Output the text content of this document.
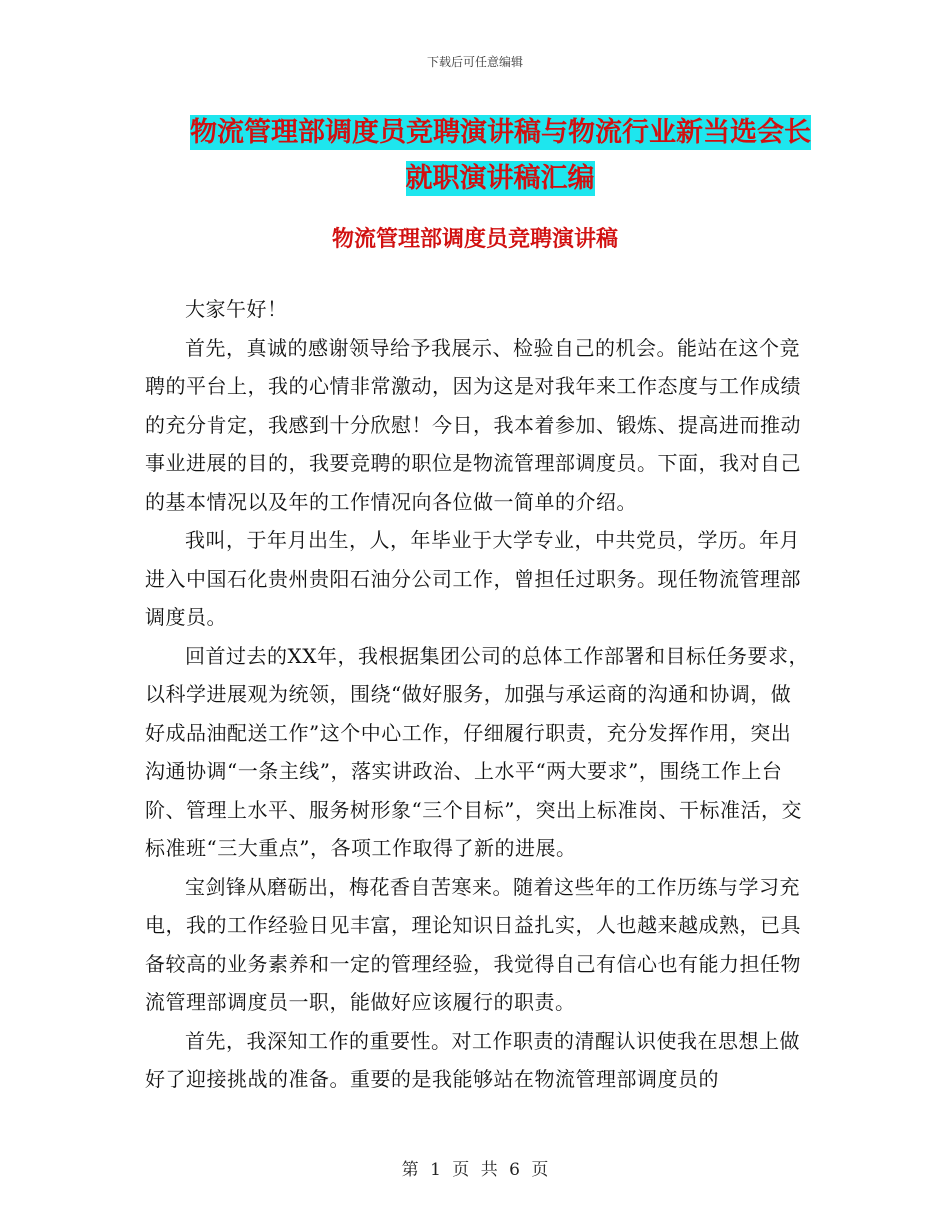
下载后可任意编辑
物流管理部调度员竞聘演讲稿与物流行业新当选会长
就职演讲稿汇编
物流管理部调度员竞聘演讲稿

大家午好！

首先，真诚的感谢领导给予我展示、检验自己的机会。能站在这个竞聘的平台上，我的心情非常激动，因为这是对我年来工作态度与工作成绩的充分肯定，我感到十分欣慰！今日，我本着参加、锻炼、提高进而推动事业进展的目的，我要竞聘的职位是物流管理部调度员。下面，我对自己的基本情况以及年的工作情况向各位做一简单的介绍。

我叫，于年月出生，人，年毕业于大学专业，中共党员，学历。年月进入中国石化贵州贵阳石油分公司工作，曾担任过职务。现任物流管理部调度员。

回首过去的XX年，我根据集团公司的总体工作部署和目标任务要求，以科学进展观为统领，围绕“做好服务，加强与承运商的沟通和协调，做好成品油配送工作”这个中心工作，仔细履行职责，充分发挥作用，突出沟通协调“一条主线”，落实讲政治、上水平“两大要求”，围绕工作上台阶、管理上水平、服务树形象“三个目标”，突出上标准岗、干标准活，交标准班“三大重点”，各项工作取得了新的进展。

宝剑锋从磨砺出，梅花香自苦寒来。随着这些年的工作历练与学习充电，我的工作经验日见丰富，理论知识日益扎实，人也越来越成熟，已具备较高的业务素养和一定的管理经验，我觉得自己有信心也有能力担任物流管理部调度员一职，能做好应该履行的职责。

首先，我深知工作的重要性。对工作职责的清醒认识使我在思想上做好了迎接挑战的准备。重要的是我能够站在物流管理部调度员的

第 1 页 共 6 页
